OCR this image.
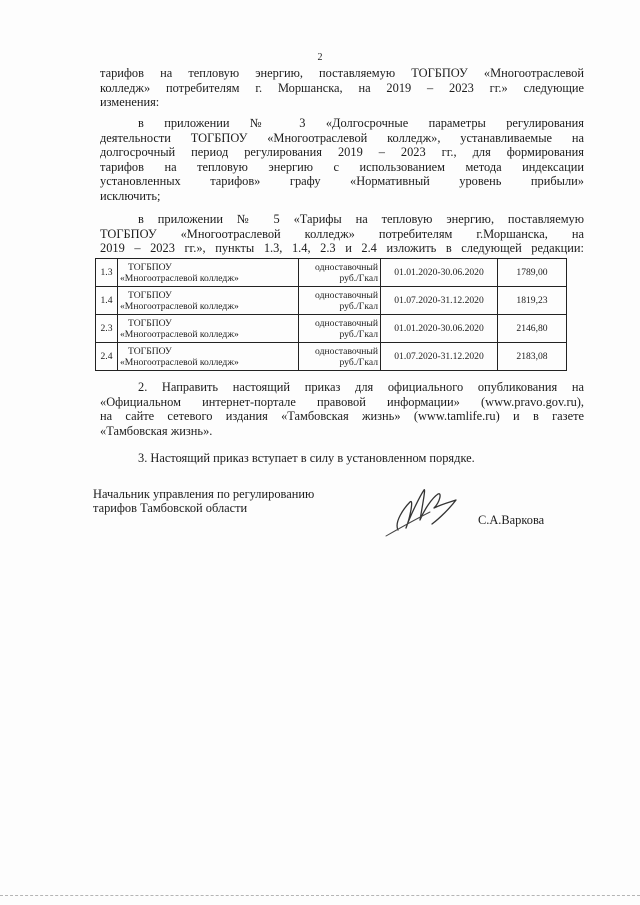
2

тарифов на тепловую энергию, поставляемую ТОГБПОУ «Многоотраслевой

колледж» потребителям г. Моршанска, на 2019 – 2023 гг.» следующие

изменения:

в приложении № 3 «Долгосрочные параметры регулирования

деятельности ТОГБПОУ «Многоотраслевой колледж», устанавливаемые на

долгосрочный период регулирования 2019 – 2023 гг., для формирования

тарифов на тепловую энергию с использованием метода индексации

установленных тарифов» графу «Нормативный уровень прибыли»

исключить;

в приложении № 5 «Тарифы на тепловую энергию, поставляемую

ТОГБПОУ «Многоотраслевой колледж» потребителям г.Моршанска, на

2019 – 2023 гг.», пункты 1.3, 1.4, 2.3 и 2.4 изложить в следующей редакции:

1.3	ТОГБПОУ
«Многоотраслевой колледж»	одноставочный
руб./Гкал	01.01.2020-30.06.2020	1789,00
1.4	ТОГБПОУ
«Многоотраслевой колледж»	одноставочный
руб./Гкал	01.07.2020-31.12.2020	1819,23
2.3	ТОГБПОУ
«Многоотраслевой колледж»	одноставочный
руб./Гкал	01.01.2020-30.06.2020	2146,80
2.4	ТОГБПОУ
«Многоотраслевой колледж»	одноставочный
руб./Гкал	01.07.2020-31.12.2020	2183,08

2. Направить настоящий приказ для официального опубликования на

«Официальном интернет-портале правовой информации» (www.pravo.gov.ru),

на сайте сетевого издания «Тамбовская жизнь» (www.tamlife.ru) и в газете

«Тамбовская жизнь».

3. Настоящий приказ вступает в силу в установленном порядке.

Начальник управления по регулированию
тарифов Тамбовской области
С.А.Варкова
